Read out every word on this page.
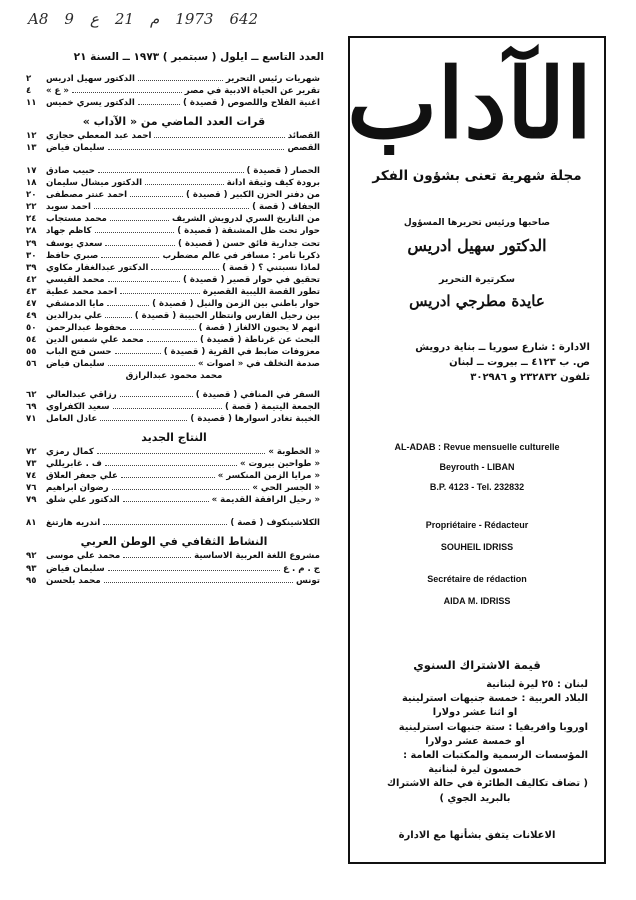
A8 9 ع 21 م 1973 642
العدد التاسع ــ ايلول ( سبتمبر ) ١٩٧٣ ــ السنة ٢١
شهريات رئيس التحرير
الدكتور سهيل ادريس
٢
تقرير عن الحياة الادبية في مصر
« ع »
٤
اغنية الفلاح واللصوص ( قصيدة )
الدكتور يسري خميس
١١
قرات العدد الماضي من « الآداب »
القصائد
احمد عبد المعطي حجازي
١٢
القصص
سليمان فياض
١٣
الحصار ( قصيدة )
حبيب صادق
١٧
برودة كيف وثيقة ادانة
الدكتور ميشال سليمان
١٨
من دفتر الحزن الكبير ( قصيدة )
احمد عنتر مصطفى
٢٠
الجفاف ( قصة )
احمد سويد
٢٢
من التاريخ السري لدرويش الشريف
محمد مستجاب
٢٤
حوار تحت ظل المشنقة ( قصيدة )
كاظم جهاد
٢٨
تحت جدارية فائق حسن ( قصيدة )
سعدي يوسف
٢٩
ذكريا تامر : مسافر في عالم مضطرب
صبري حافظ
٣٠
لماذا نسبتني ؟ ( قصة )
الدكتور عبدالغفار مكاوي
٣٩
تحقيق في حوار قصير ( قصيدة )
محمد القيسي
٤٢
تطور القصة الليبية القصيرة
احمد محمد عطية
٤٣
حوار باطني بين الزمن والنيل ( قصيدة )
مايا الدمشقي
٤٧
بين رحيل الفارس وانتظار الحبيبة ( قصيدة )
علي بدرالدين
٤٩
انهم لا يحبون الالغاز ( قصة )
محفوظ عبدالرحمن
٥٠
البحث عن غرناطة ( قصيدة )
محمد علي شمس الدين
٥٤
معزوفات ضابط في القرية ( قصيدة )
حسن فتح الباب
٥٥
صدمة التخلف في « اصوات »
سليمان فياض
٥٦
محمد محمود عبدالرازق
السفر في المنافي ( قصيدة )
رزاقي عبدالعالي
٦٢
الجمعة اليتيمة ( قصة )
سعيد الكفراوي
٦٩
الخيبة تغادر اسوارها ( قصيدة )
عادل العامل
٧١
النتاج الجديد
« الخطوبة »
كمال رمزي
٧٢
« طواحين بيروت »
ف . غابريللي
٧٣
« مرايا الزمن المنكسر »
علي جعفر العلاق
٧٤
« الجسر الحي »
رضوان ابراهيم
٧٦
« رحيل الرافقة القديمة »
الدكتور علي شلق
٧٩
الكلاشينكوف ( قصة )
اندريه هارتنغ
٨١
النشاط الثقافي في الوطن العربي
مشروع اللغة العربية الاساسية
محمد علي موسى
٩٢
ج . م . ع
سليمان فياض
٩٣
تونس
محمد بلحسن
٩٥
الآداب
مجلة شهرية تعنى بشؤون الفكر
صاحبها ورئيس تحريرها المسؤول
الدكتور سهيل ادريس
سكرتيرة التحرير
عايدة مطرجي ادريس
الادارة : شارع سوريا ــ بناية درويش
ص. ب ٤١٢٣ ــ بيروت ــ لبنان
تلفون ٢٣٢٨٣٢ و ٣٠٢٩٨٦
AL-ADAB : Revue mensuelle culturelle
Beyrouth - LIBAN
B.P. 4123 - Tel. 232832
Propriétaire - Rédacteur
SOUHEIL IDRISS
Secrétaire de rédaction
AIDA M. IDRISS
قيمة الاشتراك السنوي
لبنان : ٢٥ ليرة لبنانية
البلاد العربية : خمسة جنيهات استرلينية
او اثنا عشر دولارا
اوروبا وافريقيا : ستة جنيهات استرلينية
او خمسة عشر دولارا
المؤسسات الرسمية والمكتبات العامة :
خمسون ليرة لبنانية
( تضاف تكاليف الطائرة في حالة الاشتراك
بالبريد الجوي )
الاعلانات يتفق بشأنها مع الادارة
